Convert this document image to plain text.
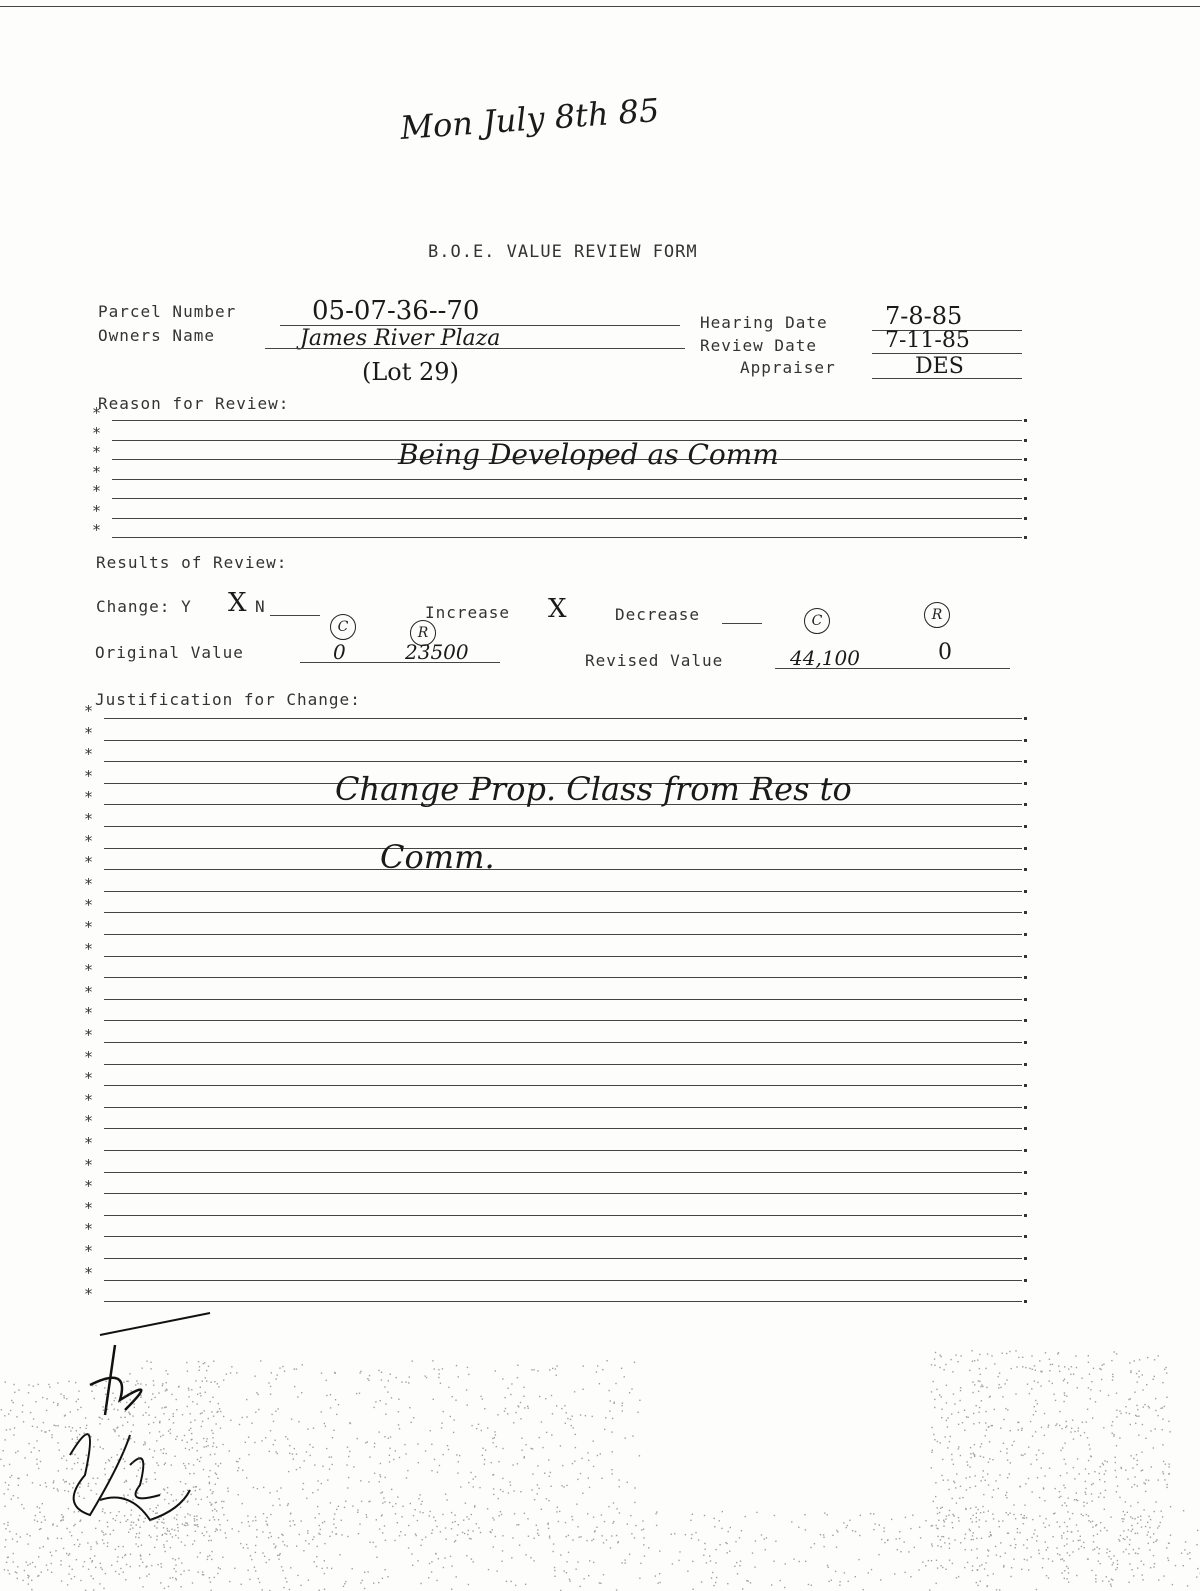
Mon July 8th 85
B.O.E. VALUE REVIEW FORM
Parcel Number	05-07-36--70
Owners Name	James River Plaza
(Lot 29)
Hearing Date 7-8-85
Review Date	7-11-85
Appraiser	DES
Reason for Review:
*
*
*
*
*
*
*
Being Developed as Comm
Results of Review:
Change: Y X N	Increase X	Decrease
C	R
C	R
Original Value	0	23500	Revised Value	44,100	0
Justification for Change:
*
*
*
*
*
*
*
*
*
*
*
*
*
*
*
*
*
*
*
*
*
*
*
*
*
*
*
*
Change Prop. Class from Res to
Comm.
